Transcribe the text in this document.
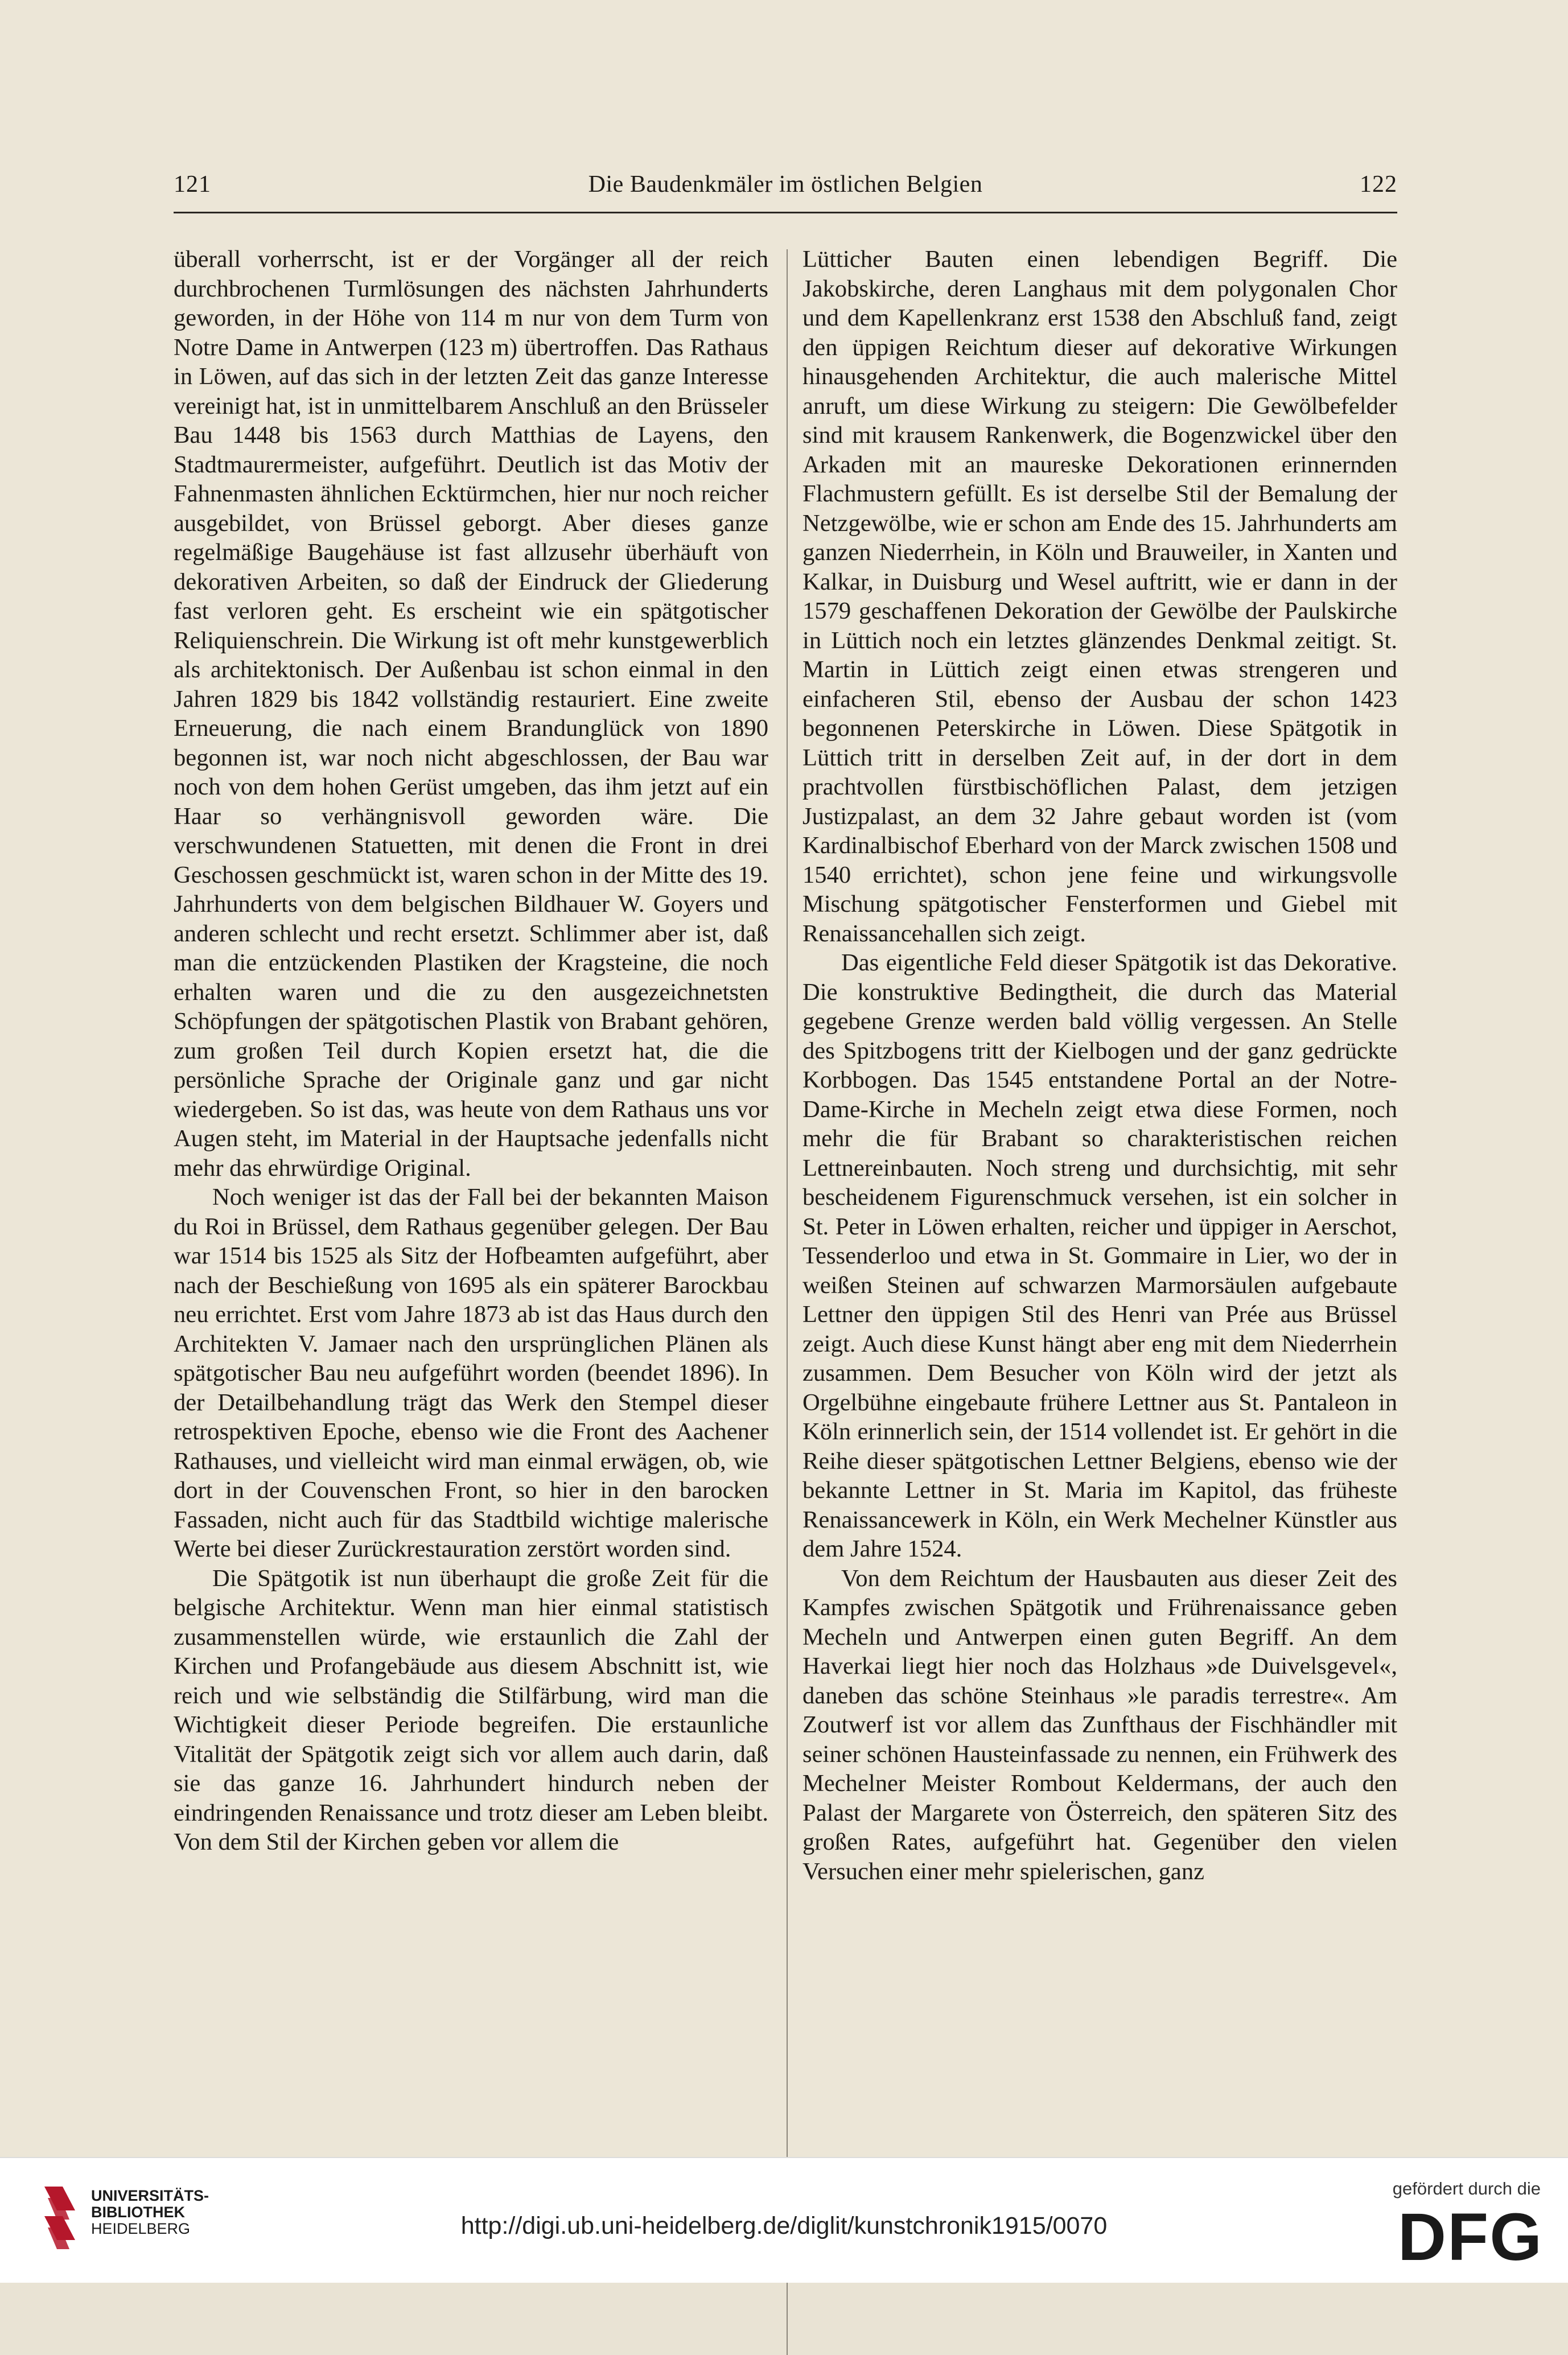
121	Die Baudenkmäler im östlichen Belgien	122

überall vorherrscht, ist er der Vorgänger all der reich durchbrochenen Turmlösungen des nächsten Jahrhunderts geworden, in der Höhe von 114 m nur von dem Turm von Notre Dame in Antwerpen (123 m) übertroffen. Das Rathaus in Löwen, auf das sich in der letzten Zeit das ganze Interesse vereinigt hat, ist in unmittelbarem Anschluß an den Brüsseler Bau 1448 bis 1563 durch Matthias de Layens, den Stadtmaurermeister, aufgeführt. Deutlich ist das Motiv der Fahnenmasten ähnlichen Ecktürmchen, hier nur noch reicher ausgebildet, von Brüssel geborgt. Aber dieses ganze regelmäßige Baugehäuse ist fast allzusehr überhäuft von dekorativen Arbeiten, so daß der Eindruck der Gliederung fast verloren geht. Es erscheint wie ein spätgotischer Reliquienschrein. Die Wirkung ist oft mehr kunstgewerblich als architektonisch. Der Außenbau ist schon einmal in den Jahren 1829 bis 1842 vollständig restauriert. Eine zweite Erneuerung, die nach einem Brandunglück von 1890 begonnen ist, war noch nicht abgeschlossen, der Bau war noch von dem hohen Gerüst umgeben, das ihm jetzt auf ein Haar so verhängnisvoll geworden wäre. Die verschwundenen Statuetten, mit denen die Front in drei Geschossen geschmückt ist, waren schon in der Mitte des 19. Jahrhunderts von dem belgischen Bildhauer W. Goyers und anderen schlecht und recht ersetzt. Schlimmer aber ist, daß man die entzückenden Plastiken der Kragsteine, die noch erhalten waren und die zu den ausgezeichnetsten Schöpfungen der spätgotischen Plastik von Brabant gehören, zum großen Teil durch Kopien ersetzt hat, die die persönliche Sprache der Originale ganz und gar nicht wiedergeben. So ist das, was heute von dem Rathaus uns vor Augen steht, im Material in der Hauptsache jedenfalls nicht mehr das ehrwürdige Original.

Noch weniger ist das der Fall bei der bekannten Maison du Roi in Brüssel, dem Rathaus gegenüber gelegen. Der Bau war 1514 bis 1525 als Sitz der Hofbeamten aufgeführt, aber nach der Beschießung von 1695 als ein späterer Barockbau neu errichtet. Erst vom Jahre 1873 ab ist das Haus durch den Architekten V. Jamaer nach den ursprünglichen Plänen als spätgotischer Bau neu aufgeführt worden (beendet 1896). In der Detailbehandlung trägt das Werk den Stempel dieser retrospektiven Epoche, ebenso wie die Front des Aachener Rathauses, und vielleicht wird man einmal erwägen, ob, wie dort in der Couvenschen Front, so hier in den barocken Fassaden, nicht auch für das Stadtbild wichtige malerische Werte bei dieser Zurückrestauration zerstört worden sind.

Die Spätgotik ist nun überhaupt die große Zeit für die belgische Architektur. Wenn man hier einmal statistisch zusammenstellen würde, wie erstaunlich die Zahl der Kirchen und Profangebäude aus diesem Abschnitt ist, wie reich und wie selbständig die Stilfärbung, wird man die Wichtigkeit dieser Periode begreifen. Die erstaunliche Vitalität der Spätgotik zeigt sich vor allem auch darin, daß sie das ganze 16. Jahrhundert hindurch neben der eindringenden Renaissance und trotz dieser am Leben bleibt. Von dem Stil der Kirchen geben vor allem die

Lütticher Bauten einen lebendigen Begriff. Die Jakobskirche, deren Langhaus mit dem polygonalen Chor und dem Kapellenkranz erst 1538 den Abschluß fand, zeigt den üppigen Reichtum dieser auf dekorative Wirkungen hinausgehenden Architektur, die auch malerische Mittel anruft, um diese Wirkung zu steigern: Die Gewölbefelder sind mit krausem Rankenwerk, die Bogenzwickel über den Arkaden mit an maureske Dekorationen erinnernden Flachmustern gefüllt. Es ist derselbe Stil der Bemalung der Netzgewölbe, wie er schon am Ende des 15. Jahrhunderts am ganzen Niederrhein, in Köln und Brauweiler, in Xanten und Kalkar, in Duisburg und Wesel auftritt, wie er dann in der 1579 geschaffenen Dekoration der Gewölbe der Paulskirche in Lüttich noch ein letztes glänzendes Denkmal zeitigt. St. Martin in Lüttich zeigt einen etwas strengeren und einfacheren Stil, ebenso der Ausbau der schon 1423 begonnenen Peterskirche in Löwen. Diese Spätgotik in Lüttich tritt in derselben Zeit auf, in der dort in dem prachtvollen fürstbischöflichen Palast, dem jetzigen Justizpalast, an dem 32 Jahre gebaut worden ist (vom Kardinalbischof Eberhard von der Marck zwischen 1508 und 1540 errichtet), schon jene feine und wirkungsvolle Mischung spätgotischer Fensterformen und Giebel mit Renaissancehallen sich zeigt.

Das eigentliche Feld dieser Spätgotik ist das Dekorative. Die konstruktive Bedingtheit, die durch das Material gegebene Grenze werden bald völlig vergessen. An Stelle des Spitzbogens tritt der Kielbogen und der ganz gedrückte Korbbogen. Das 1545 entstandene Portal an der Notre-Dame-Kirche in Mecheln zeigt etwa diese Formen, noch mehr die für Brabant so charakteristischen reichen Lettnereinbauten. Noch streng und durchsichtig, mit sehr bescheidenem Figurenschmuck versehen, ist ein solcher in St. Peter in Löwen erhalten, reicher und üppiger in Aerschot, Tessenderloo und etwa in St. Gommaire in Lier, wo der in weißen Steinen auf schwarzen Marmorsäulen aufgebaute Lettner den üppigen Stil des Henri van Prée aus Brüssel zeigt. Auch diese Kunst hängt aber eng mit dem Niederrhein zusammen. Dem Besucher von Köln wird der jetzt als Orgelbühne eingebaute frühere Lettner aus St. Pantaleon in Köln erinnerlich sein, der 1514 vollendet ist. Er gehört in die Reihe dieser spätgotischen Lettner Belgiens, ebenso wie der bekannte Lettner in St. Maria im Kapitol, das früheste Renaissancewerk in Köln, ein Werk Mechelner Künstler aus dem Jahre 1524.

Von dem Reichtum der Hausbauten aus dieser Zeit des Kampfes zwischen Spätgotik und Frührenaissance geben Mecheln und Antwerpen einen guten Begriff. An dem Haverkai liegt hier noch das Holzhaus »de Duivelsgevel«, daneben das schöne Steinhaus »le paradis terrestre«. Am Zoutwerf ist vor allem das Zunfthaus der Fischhändler mit seiner schönen Hausteinfassade zu nennen, ein Frühwerk des Mechelner Meister Rombout Keldermans, der auch den Palast der Margarete von Österreich, den späteren Sitz des großen Rates, aufgeführt hat. Gegenüber den vielen Versuchen einer mehr spielerischen, ganz

UNIVERSITÄTS-
BIBLIOTHEK
HEIDELBERG	http://digi.ub.uni-heidelberg.de/diglit/kunstchronik1915/0070
gefördert durch die
DFG
